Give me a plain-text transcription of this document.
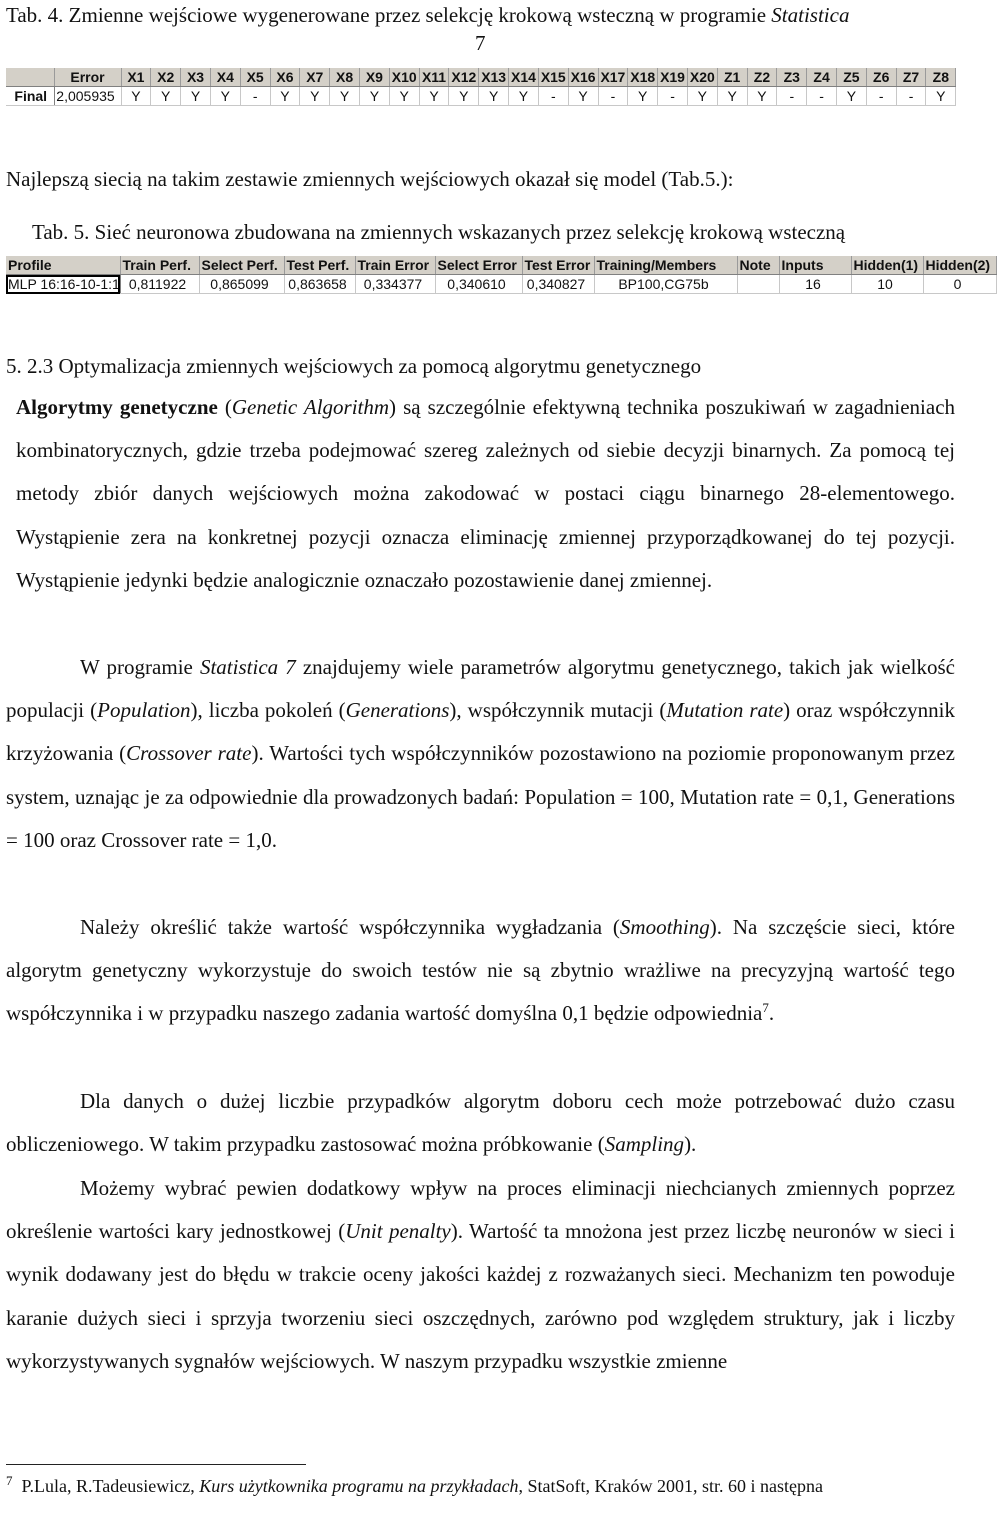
Tab. 4. Zmienne wejściowe wygenerowane przez selekcję krokową wsteczną w programie Statistica
7
	Error	X1	X2	X3	X4	X5	X6	X7	X8	X9	X10	X11	X12	X13	X14	X15	X16	X17	X18	X19	X20	Z1	Z2	Z3	Z4	Z5	Z6	Z7	Z8
Final	2,005935	Y	Y	Y	Y	-	Y	Y	Y	Y	Y	Y	Y	Y	Y	-	Y	-	Y	-	Y	Y	Y	-	-	Y	-	-	Y
Najlepszą siecią na takim zestawie zmiennych wejściowych okazał się model (Tab.5.):
Tab. 5. Sieć neuronowa zbudowana na zmiennych wskazanych przez selekcję krokową wsteczną
Profile	Train Perf.	Select Perf.	Test Perf.	Train Error	Select Error	Test Error	Training/Members	Note	Inputs	Hidden(1)	Hidden(2)
MLP 16:16-10-1:1	0,811922	0,865099	0,863658	0,334377	0,340610	0,340827	BP100,CG75b		16	10	0
5. 2.3 Optymalizacja zmiennych wejściowych za pomocą algorytmu genetycznego

Algorytmy genetyczne (Genetic Algorithm) są szczególnie efektywną technika poszukiwań w zagadnieniach kombinatorycznych, gdzie trzeba podejmować szereg zależnych od siebie decyzji binarnych. Za pomocą tej metody zbiór danych wejściowych można zakodować w postaci ciągu binarnego 28-elementowego. Wystąpienie zera na konkretnej pozycji oznacza eliminację zmiennej przyporządkowanej do tej pozycji. Wystąpienie jedynki będzie analogicznie oznaczało pozostawienie danej zmiennej.

W programie Statistica 7 znajdujemy wiele parametrów algorytmu genetycznego, takich jak wielkość populacji (Population), liczba pokoleń (Generations), współczynnik mutacji (Mutation rate) oraz współczynnik krzyżowania (Crossover rate). Wartości tych współczynników pozostawiono na poziomie proponowanym przez system, uznając je za odpowiednie dla prowadzonych badań: Population = 100, Mutation rate = 0,1, Generations = 100 oraz Crossover rate = 1,0.

Należy określić także wartość współczynnika wygładzania (Smoothing). Na szczęście sieci, które algorytm genetyczny wykorzystuje do swoich testów nie są zbytnio wrażliwe na precyzyjną wartość tego współczynnika i w przypadku naszego zadania wartość domyślna 0,1 będzie odpowiednia$^7$.

Dla danych o dużej liczbie przypadków algorytm doboru cech może potrzebować dużo czasu obliczeniowego. W takim przypadku zastosować można próbkowanie (Sampling).

Możemy wybrać pewien dodatkowy wpływ na proces eliminacji niechcianych zmiennych poprzez określenie wartości kary jednostkowej (Unit penalty). Wartość ta mnożona jest przez liczbę neuronów w sieci i wynik dodawany jest do błędu w trakcie oceny jakości każdej z rozważanych sieci. Mechanizm ten powoduje karanie dużych sieci i sprzyja tworzeniu sieci oszczędnych, zarówno pod względem struktury, jak i liczby wykorzystywanych sygnałów wejściowych. W naszym przypadku wszystkie zmienne

$^7$ P.Lula, R.Tadeusiewicz, Kurs użytkownika programu na przykładach, StatSoft, Kraków 2001, str. 60 i następna
